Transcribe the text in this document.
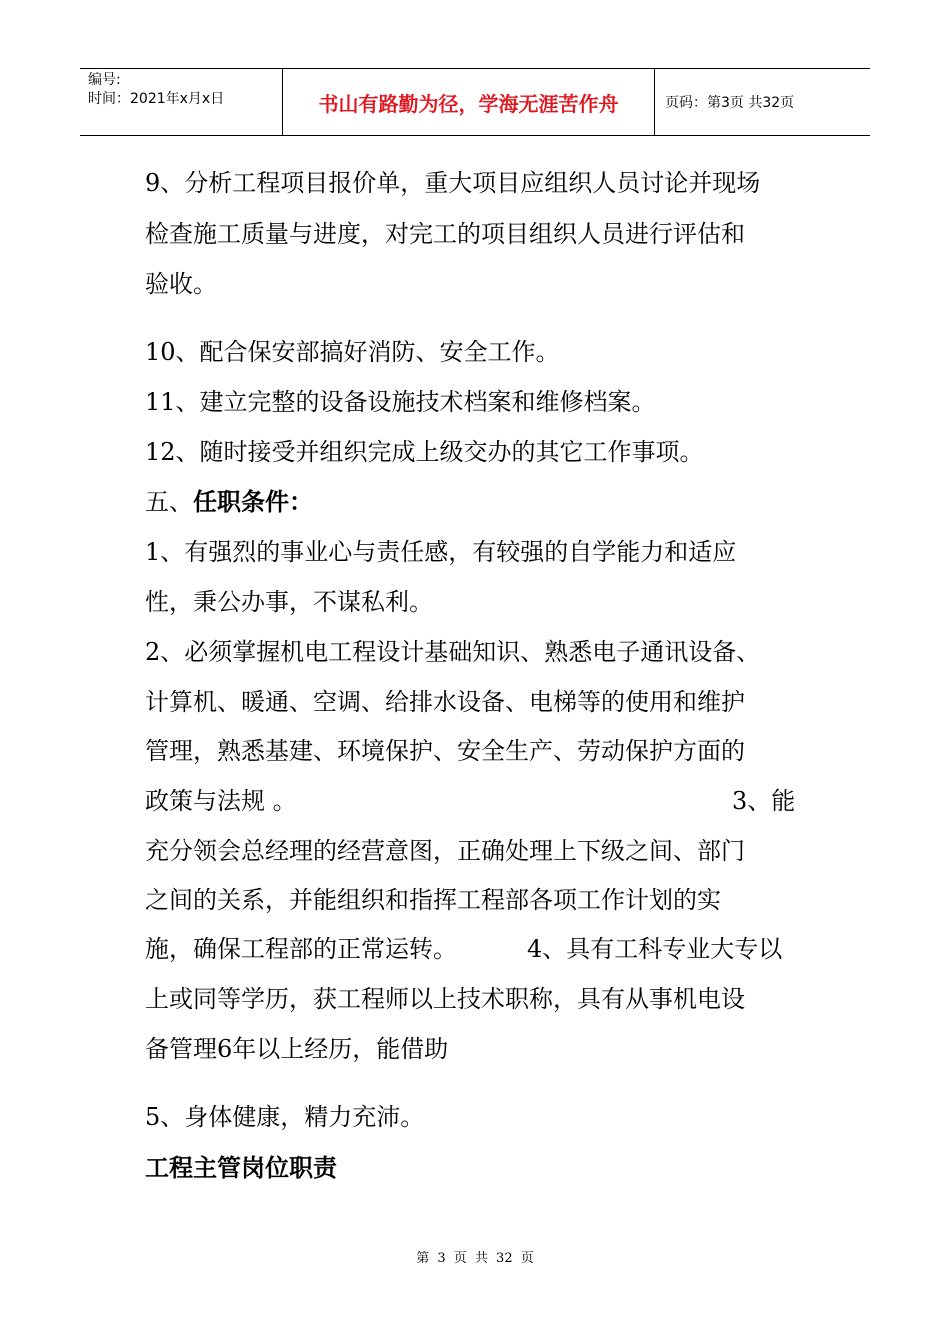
编号:
时间：2021年x月x日	书山有路勤为径，学海无涯苦作舟	页码：第3页 共32页
9、分析工程项目报价单，重大项目应组织人员讨论并现场
检查施工质量与进度，对完工的项目组织人员进行评估和
验收。
10、配合保安部搞好消防、安全工作。
11、建立完整的设备设施技术档案和维修档案。
12、随时接受并组织完成上级交办的其它工作事项。
五、任职条件：
1、有强烈的事业心与责任感，有较强的自学能力和适应
性，秉公办事，不谋私利。
2、必须掌握机电工程设计基础知识、熟悉电子通讯设备、
计算机、暖通、空调、给排水设备、电梯等的使用和维护
管理，熟悉基建、环境保护、安全生产、劳动保护方面的
政策与法规 。	3、能
充分领会总经理的经营意图，正确处理上下级之间、部门
之间的关系，并能组织和指挥工程部各项工作计划的实
施，确保工程部的正常运转。	4、具有工科专业大专以
上或同等学历，获工程师以上技术职称，具有从事机电设
备管理6年以上经历，能借助
5、身体健康，精力充沛。
工程主管岗位职责
第 3 页 共 32 页
